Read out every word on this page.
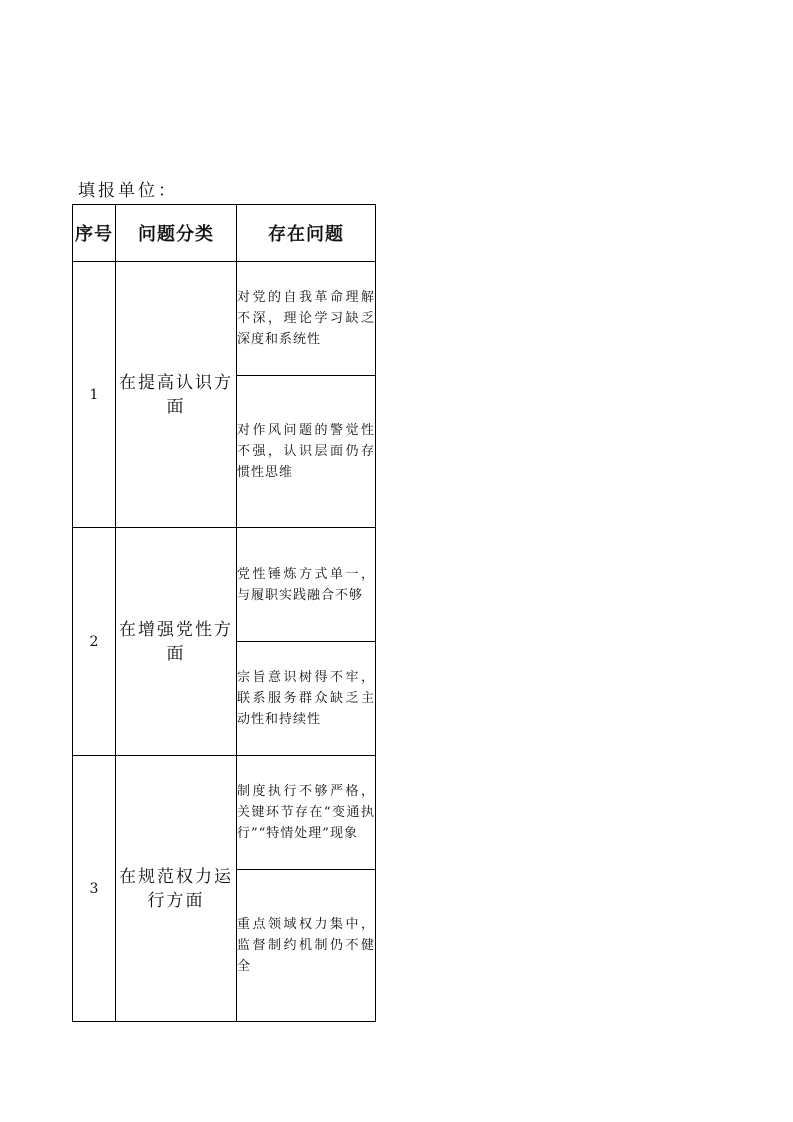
填报单位：
序号	问题分类	存在问题
1	在提高认识方面	对党的自我革命理解不深，理论学习缺乏深度和系统性
		对作风问题的警觉性不强，认识层面仍存惯性思维
2	在增强党性方面	党性锤炼方式单一，与履职实践融合不够
		宗旨意识树得不牢，联系服务群众缺乏主动性和持续性
3	在规范权力运行方面	制度执行不够严格，关键环节存在“变通执行”“特情处理”现象
		重点领域权力集中，监督制约机制仍不健全
